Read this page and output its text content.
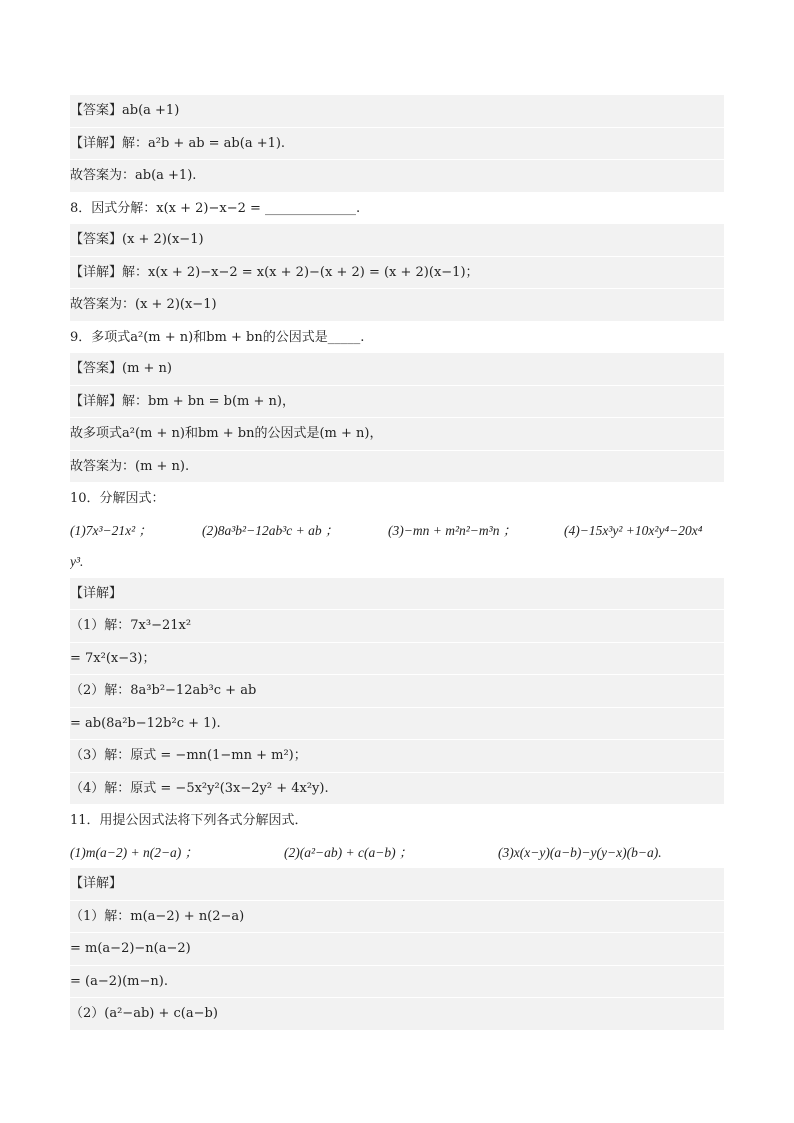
【答案】ab(a +1)
【详解】解：a²b + ab = ab(a +1).
故答案为：ab(a +1).
8．因式分解：x(x + 2)−x−2 = ______________.
【答案】(x + 2)(x−1)
【详解】解：x(x + 2)−x−2 = x(x + 2)−(x + 2) = (x + 2)(x−1)；
故答案为：(x + 2)(x−1)
9．多项式a²(m + n)和bm + bn的公因式是_____.
【答案】(m + n)
【详解】解：bm + bn = b(m + n)，
故多项式a²(m + n)和bm + bn的公因式是(m + n)，
故答案为：(m + n).
10．分解因式：
(1)7x³−21x² ；	(2)8a³b²−12ab³c + ab ；	(3)−mn + m²n²−m³n ；	(4)−15x³y² +10x²y⁴−20x⁴
y³.
【详解】
（1）解：7x³−21x²
= 7x²(x−3)；
（2）解：8a³b²−12ab³c + ab
= ab(8a²b−12b²c + 1).
（3）解：原式 = −mn(1−mn + m²)；
（4）解：原式 = −5x²y²(3x−2y² + 4x²y).
11．用提公因式法将下列各式分解因式．
(1)m(a−2) + n(2−a) ；	(2)(a²−ab) + c(a−b) ；	(3)x(x−y)(a−b)−y(y−x)(b−a).
【详解】
（1）解：m(a−2) + n(2−a)
= m(a−2)−n(a−2)
= (a−2)(m−n).
（2）(a²−ab) + c(a−b)
